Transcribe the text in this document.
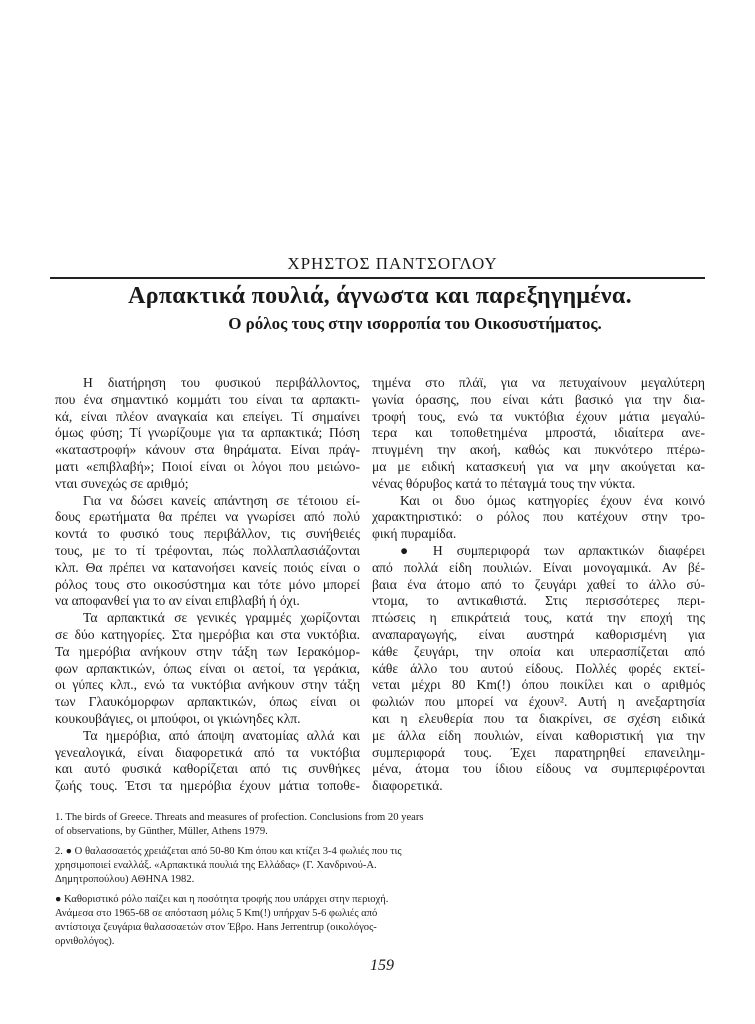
ΧΡΗΣΤΟΣ ΠΑΝΤΣΟΓΛΟΥ
Αρπακτικά πουλιά, άγνωστα και παρεξηγημένα.
Ο ρόλος τους στην ισορροπία του Οικοσυστήματος.
Η διατήρηση του φυσικού περιβάλλοντος,
που ένα σημαντικό κομμάτι του είναι τα αρπακτι-
κά, είναι πλέον αναγκαία και επείγει. Τί σημαίνει
όμως φύση; Τί γνωρίζουμε για τα αρπακτικά; Πόση
«καταστροφή» κάνουν στα θηράματα. Είναι πράγ-
ματι «επιβλαβή»; Ποιοί είναι οι λόγοι που μειώνο-
νται συνεχώς σε αριθμό;
Για να δώσει κανείς απάντηση σε τέτοιου εί-
δους ερωτήματα θα πρέπει να γνωρίσει από πολύ
κοντά το φυσικό τους περιβάλλον, τις συνήθειές
τους, με το τί τρέφονται, πώς πολλαπλασιάζονται
κλπ. Θα πρέπει να κατανοήσει κανείς ποιός είναι ο
ρόλος τους στο οικοσύστημα και τότε μόνο μπορεί
να αποφανθεί για το αν είναι επιβλαβή ή όχι.
Τα αρπακτικά σε γενικές γραμμές χωρίζονται
σε δύο κατηγορίες. Στα ημερόβια και στα νυκτόβια.
Τα ημερόβια ανήκουν στην τάξη των Ιερακόμορ-
φων αρπακτικών, όπως είναι οι αετοί, τα γεράκια,
οι γύπες κλπ., ενώ τα νυκτόβια ανήκουν στην τάξη
των Γλαυκόμορφων αρπακτικών, όπως είναι οι
κουκουβάγιες, οι μπούφοι, οι γκιώνηδες κλπ.
Τα ημερόβια, από άποψη ανατομίας αλλά και
γενεαλογικά, είναι διαφορετικά από τα νυκτόβια
και αυτό φυσικά καθορίζεται από τις συνθήκες
ζωής τους. Έτσι τα ημερόβια έχουν μάτια τοποθε-
τημένα στο πλάϊ, για να πετυχαίνουν μεγαλύτερη
γωνία όρασης, που είναι κάτι βασικό για την δια-
τροφή τους, ενώ τα νυκτόβια έχουν μάτια μεγαλύ-
τερα και τοποθετημένα μπροστά, ιδιαίτερα ανε-
πτυγμένη την ακοή, καθώς και πυκνότερο πτέρω-
μα με ειδική κατασκευή για να μην ακούγεται κα-
νένας θόρυβος κατά το πέταγμά τους την νύκτα.
Και οι δυο όμως κατηγορίες έχουν ένα κοινό
χαρακτηριστικό: ο ρόλος που κατέχουν στην τρο-
φική πυραμίδα.
● Η συμπεριφορά των αρπακτικών διαφέρει
από πολλά είδη πουλιών. Είναι μονογαμικά. Αν βέ-
βαια ένα άτομο από το ζευγάρι χαθεί το άλλο σύ-
ντομα, το αντικαθιστά. Στις περισσότερες περι-
πτώσεις η επικράτειά τους, κατά την εποχή της
αναπαραγωγής, είναι αυστηρά καθορισμένη για
κάθε ζευγάρι, την οποία και υπερασπίζεται από
κάθε άλλο του αυτού είδους. Πολλές φορές εκτεί-
νεται μέχρι 80 Km(!) όπου ποικίλει και ο αριθμός
φωλιών που μπορεί να έχουν². Αυτή η ανεξαρτησία
και η ελευθερία που τα διακρίνει, σε σχέση ειδικά
με άλλα είδη πουλιών, είναι καθοριστική για την
συμπεριφορά τους. Έχει παρατηρηθεί επανειλημ-
μένα, άτομα του ίδιου είδους να συμπεριφέρονται
διαφορετικά.
1. The birds of Greece. Threats and measures of profection. Conclusions from 20 years
of observations, by Günther, Müller, Athens 1979.
2. ● Ο θαλασσαετός χρειάζεται από 50-80 Km όπου και κτίζει 3-4 φωλιές που τις
χρησιμοποιεί εναλλάξ. «Αρπακτικά πουλιά της Ελλάδας» (Γ. Χανδρινού-Α.
Δημητροπούλου) ΑΘΗΝΑ 1982.
● Καθοριστικό ρόλο παίζει και η ποσότητα τροφής που υπάρχει στην περιοχή.
Ανάμεσα στο 1965-68 σε απόσταση μόλις 5 Km(!) υπήρχαν 5-6 φωλιές από
αντίστοιχα ζευγάρια θαλασσαετών στον Έβρο. Hans Jerrentrup (οικολόγος-
ορνιθολόγος).
159
